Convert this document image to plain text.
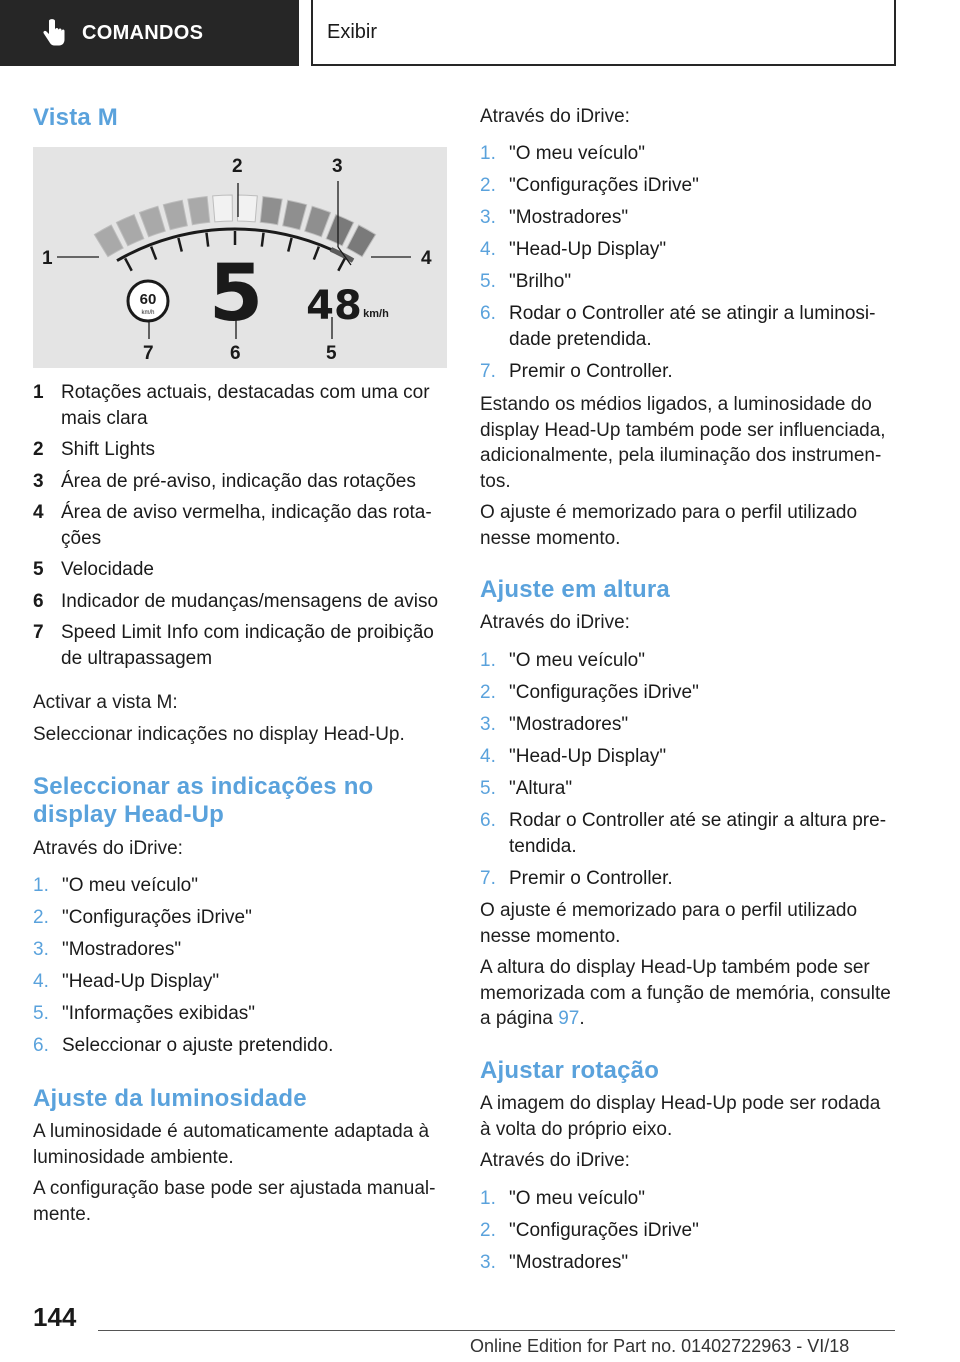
COMANDOS	Exibir
Vista M
1
2	3
4
5
6
7
60
km/h 5 48 km/h
1 Rotações actuais, destacadas com uma cor mais clara
2 Shift Lights
3 Área de pré-aviso, indicação das rotações
4 Área de aviso vermelha, indicação das rota-ções
5 Velocidade
6 Indicador de mudanças/mensagens de aviso
7 Speed Limit Info com indicação de proibição de ultrapassagem
Activar a vista M:
Seleccionar indicações no display Head-Up.
Seleccionar as indicações no
display Head-Up
Através do iDrive:
1. "O meu veículo"
2. "Configurações iDrive"
3. "Mostradores"
4. "Head-Up Display"
5. "Informações exibidas"
6. Seleccionar o ajuste pretendido.
Ajuste da luminosidade
A luminosidade é automaticamente adaptada à luminosidade ambiente.
A configuração base pode ser ajustada manual-mente.
Através do iDrive:
1. "O meu veículo"
2. "Configurações iDrive"
3. "Mostradores"
4. "Head-Up Display"
5. "Brilho"
6. Rodar o Controller até se atingir a luminosi-dade pretendida.
7. Premir o Controller.
Estando os médios ligados, a luminosidade do display Head-Up também pode ser influenciada, adicionalmente, pela iluminação dos instrumen-tos.
O ajuste é memorizado para o perfil utilizado nesse momento.
Ajuste em altura
Através do iDrive:
1. "O meu veículo"
2. "Configurações iDrive"
3. "Mostradores"
4. "Head-Up Display"
5. "Altura"
6. Rodar o Controller até se atingir a altura pre-tendida.
7. Premir o Controller.
O ajuste é memorizado para o perfil utilizado nesse momento.
A altura do display Head-Up também pode ser memorizada com a função de memória, consulte a página 97.
Ajustar rotação
A imagem do display Head-Up pode ser rodada à volta do próprio eixo.
Através do iDrive:
1. "O meu veículo"
2. "Configurações iDrive"
3. "Mostradores"
144
Online Edition for Part no. 01402722963 - VI/18
